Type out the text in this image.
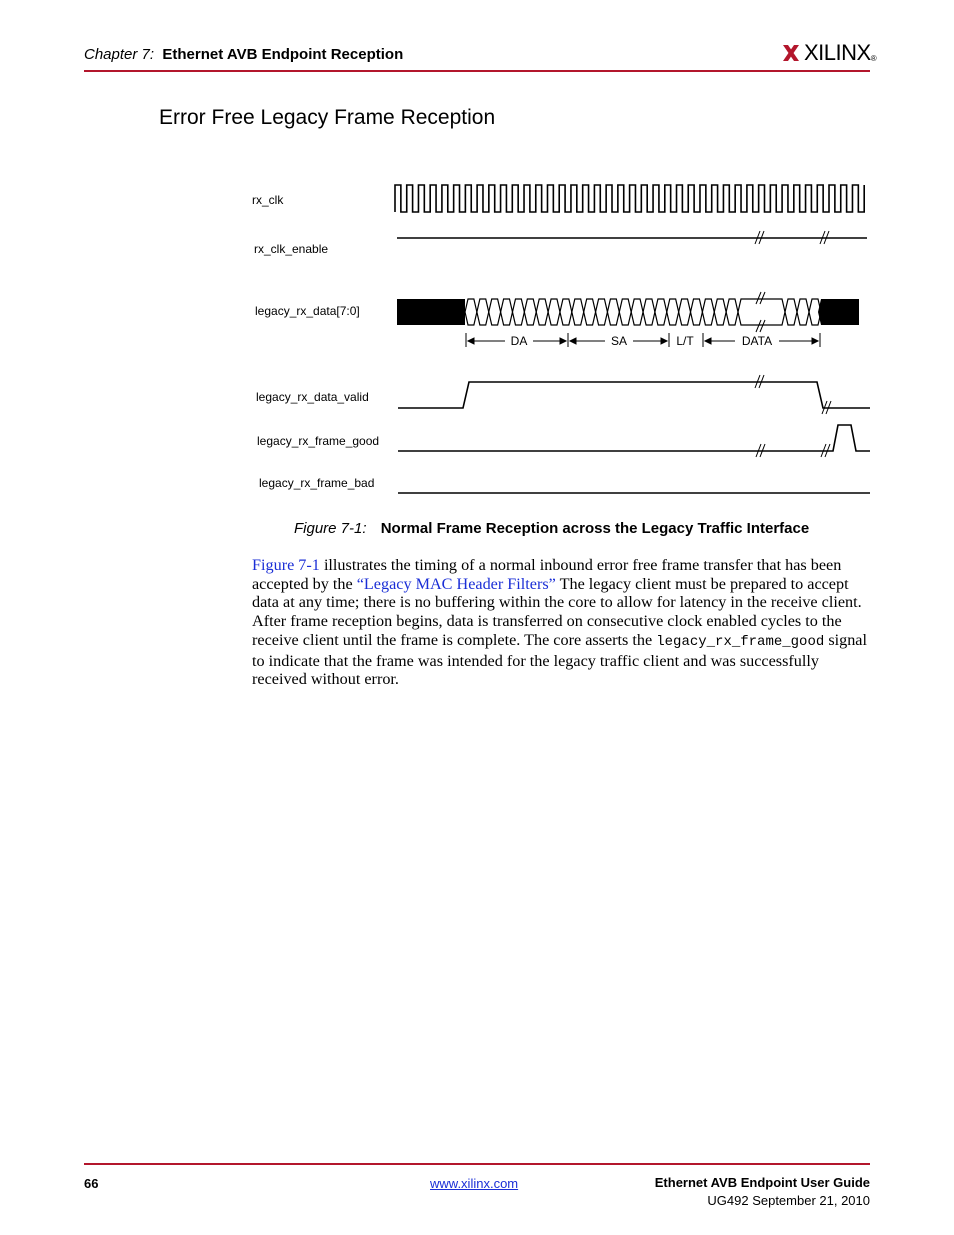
Chapter 7: Ethernet AVB Endpoint Reception	XILINX ®
Error Free Legacy Frame Reception
rx_clk
rx_clk_enable
legacy_rx_data[7:0]
legacy_rx_data_valid
legacy_rx_frame_good
legacy_rx_frame_bad
DA	SA	L/T	DATA
Figure 7-1: Normal Frame Reception across the Legacy Traffic Interface
Figure 7-1 illustrates the timing of a normal inbound error free frame transfer that has been accepted by the “Legacy MAC Header Filters” The legacy client must be prepared to accept data at any time; there is no buffering within the core to allow for latency in the receive client. After frame reception begins, data is transferred on consecutive clock enabled cycles to the receive client until the frame is complete. The core asserts the legacy_rx_frame_good signal to indicate that the frame was intended for the legacy traffic client and was successfully received without error.
66	www.xilinx.com	Ethernet AVB Endpoint User Guide
UG492 September 21, 2010
